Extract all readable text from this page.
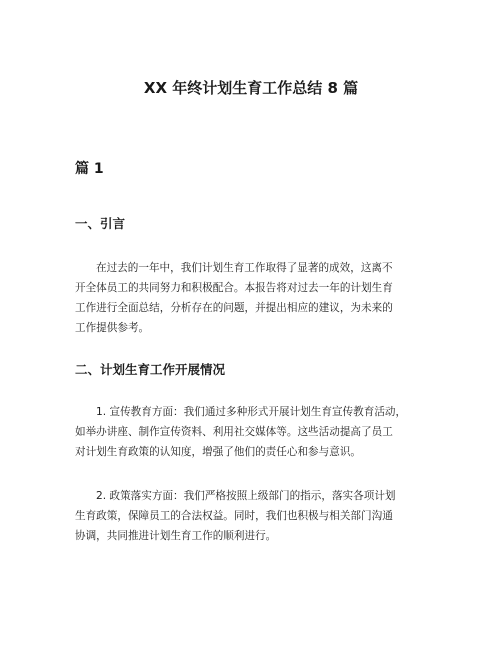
XX 年终计划生育工作总结 8 篇
篇 1
一、引言
在过去的一年中，我们计划生育工作取得了显著的成效，这离不
开全体员工的共同努力和积极配合。本报告将对过去一年的计划生育
工作进行全面总结，分析存在的问题，并提出相应的建议，为未来的
工作提供参考。
二、计划生育工作开展情况
1. 宣传教育方面：我们通过多种形式开展计划生育宣传教育活动，
如举办讲座、制作宣传资料、利用社交媒体等。这些活动提高了员工
对计划生育政策的认知度，增强了他们的责任心和参与意识。
2. 政策落实方面：我们严格按照上级部门的指示，落实各项计划
生育政策，保障员工的合法权益。同时，我们也积极与相关部门沟通
协调，共同推进计划生育工作的顺利进行。
